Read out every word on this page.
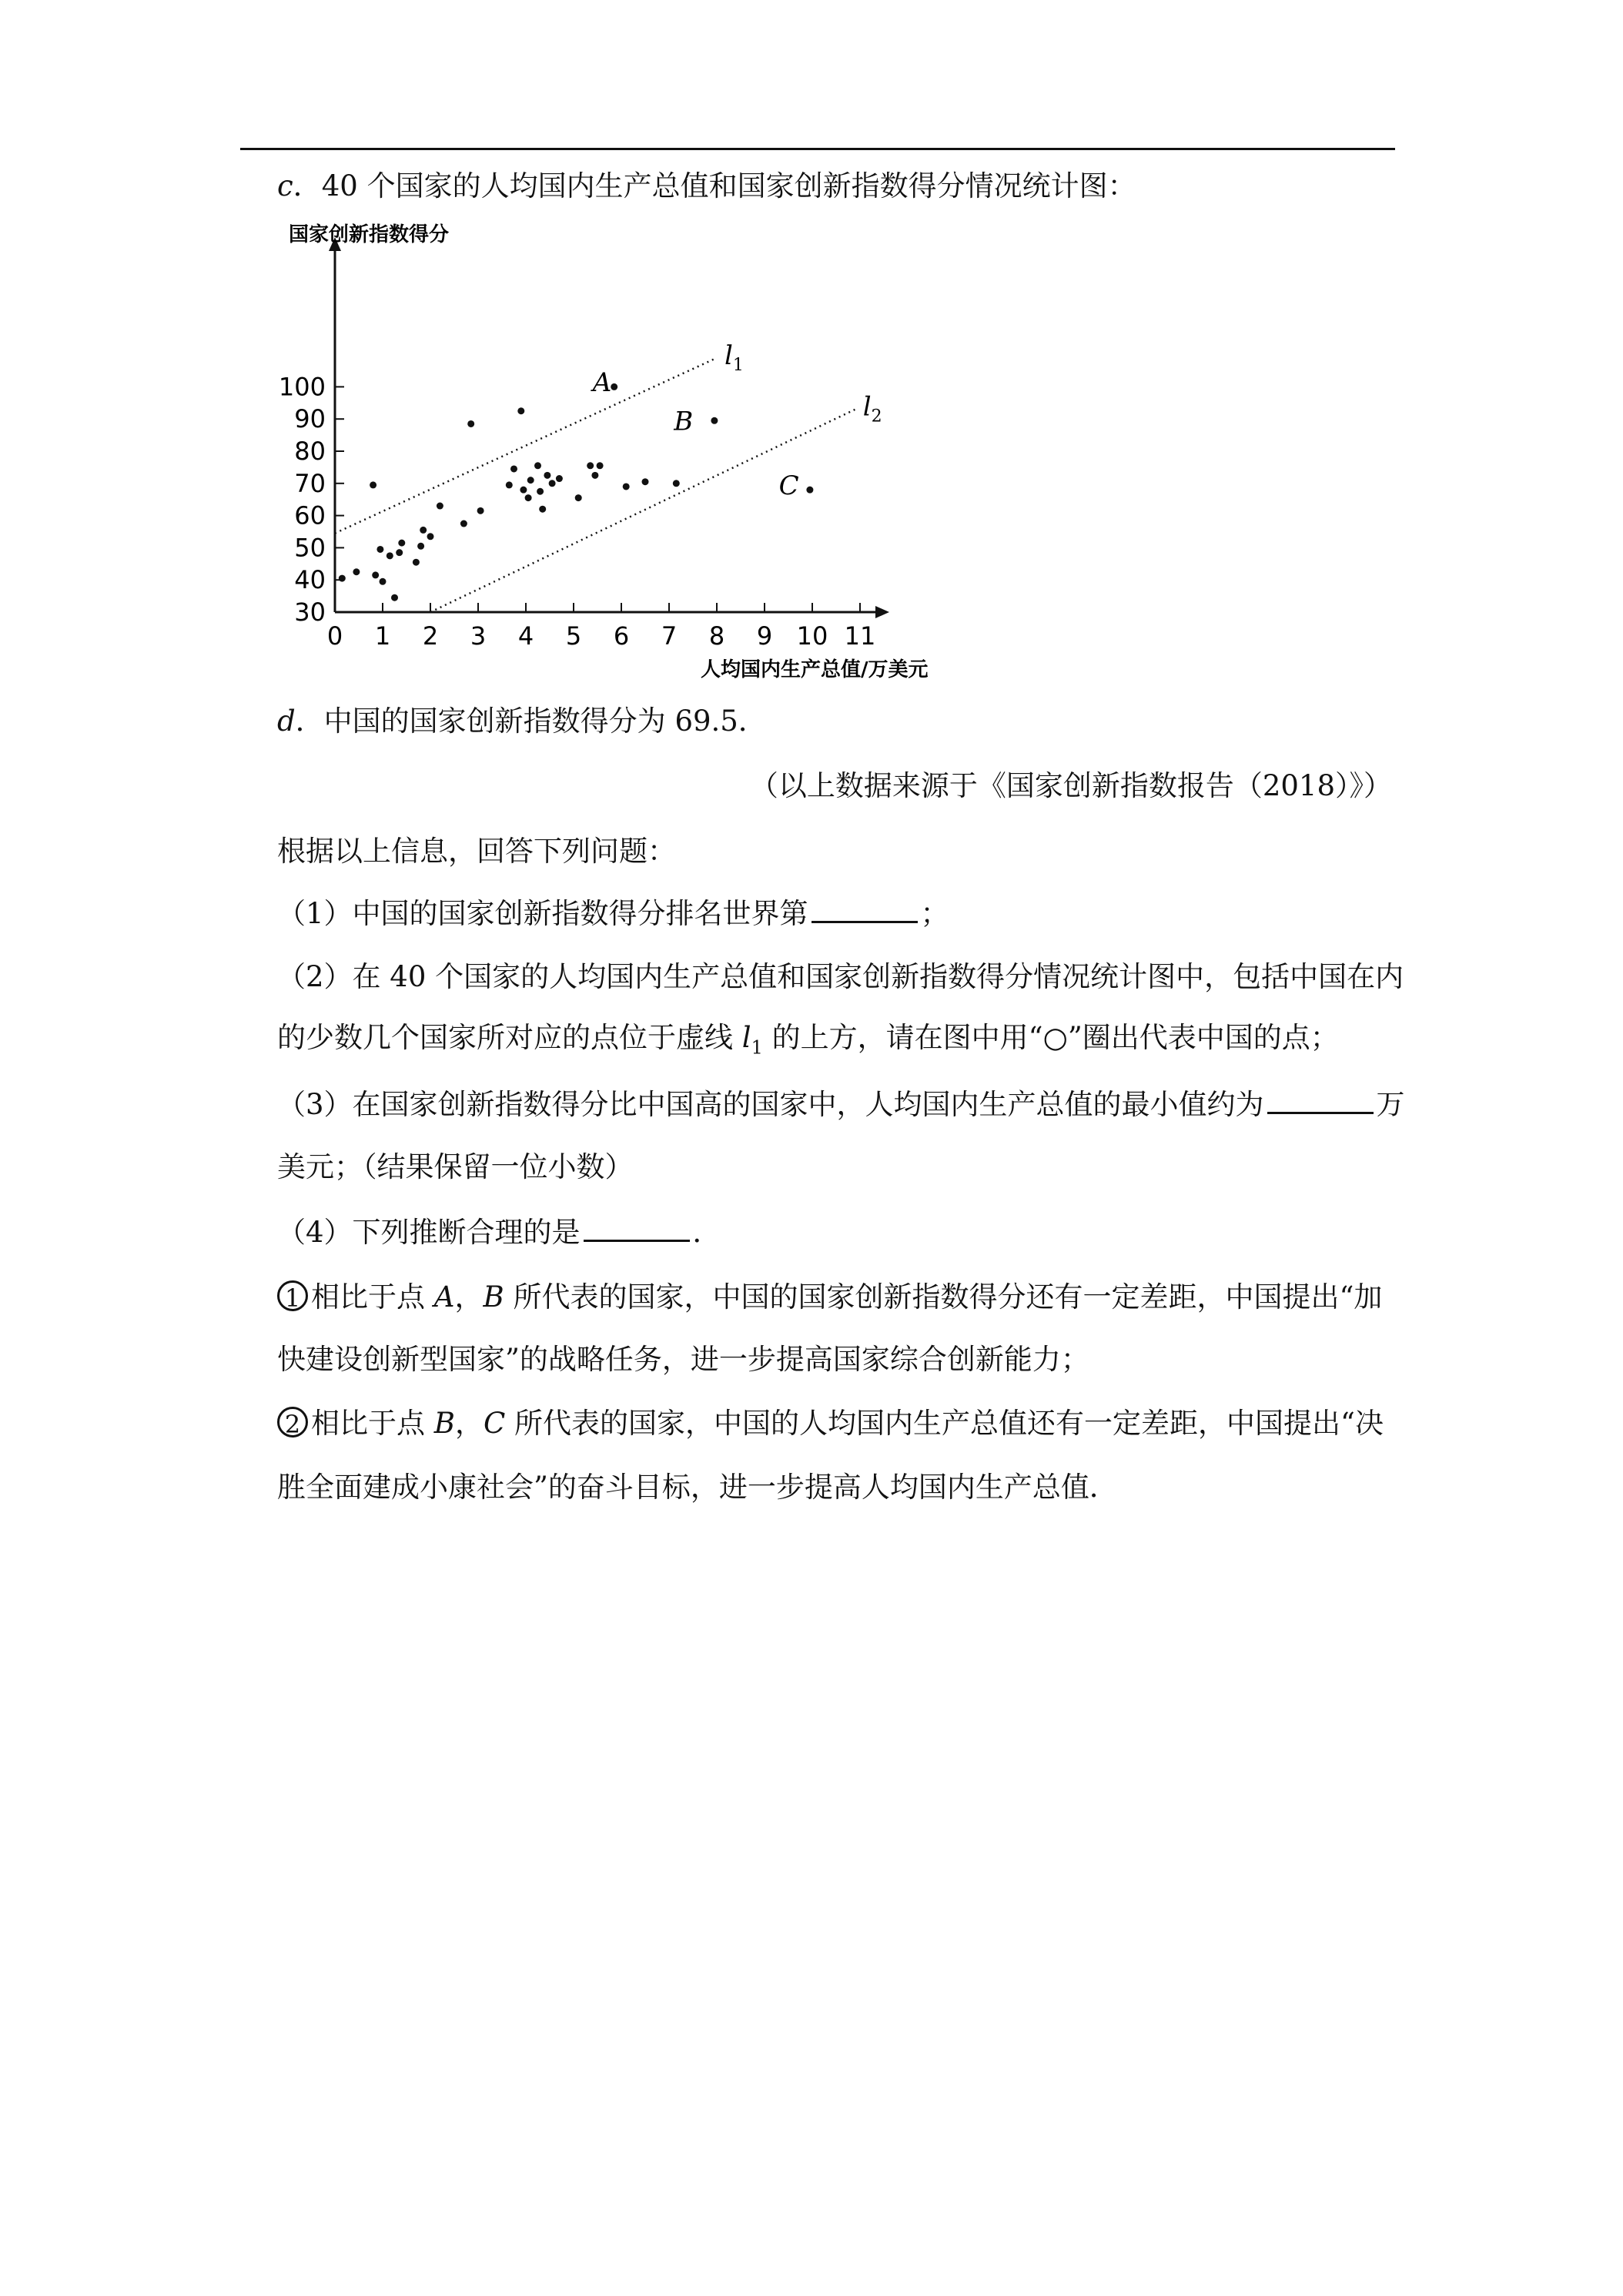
c．40 个国家的人均国内生产总值和国家创新指数得分情况统计图：
国家创新指数得分
人均国内生产总值/万美元
0 1 2 3 4 5 6 7 8 9 10 11
30
40
50
60
70
80
90
100
$l_1$
$l_2$
A
B
C
d．中国的国家创新指数得分为 69.5．
（以上数据来源于《国家创新指数报告（2018）》）
根据以上信息，回答下列问题：
（1）中国的国家创新指数得分排名世界第	；
（2）在 40 个国家的人均国内生产总值和国家创新指数得分情况统计图中，包括中国在内
的少数几个国家所对应的点位于虚线 $l_1$ 的上方，请在图中用“○”圈出代表中国的点；
（3）在国家创新指数得分比中国高的国家中，人均国内生产总值的最小值约为	万
美元；（结果保留一位小数）
（4）下列推断合理的是	．
1 相比于点 A，B 所代表的国家，中国的国家创新指数得分还有一定差距，中国提出“加
快建设创新型国家”的战略任务，进一步提高国家综合创新能力；
2 相比于点 B，C 所代表的国家，中国的人均国内生产总值还有一定差距，中国提出“决
胜全面建成小康社会”的奋斗目标，进一步提高人均国内生产总值．
